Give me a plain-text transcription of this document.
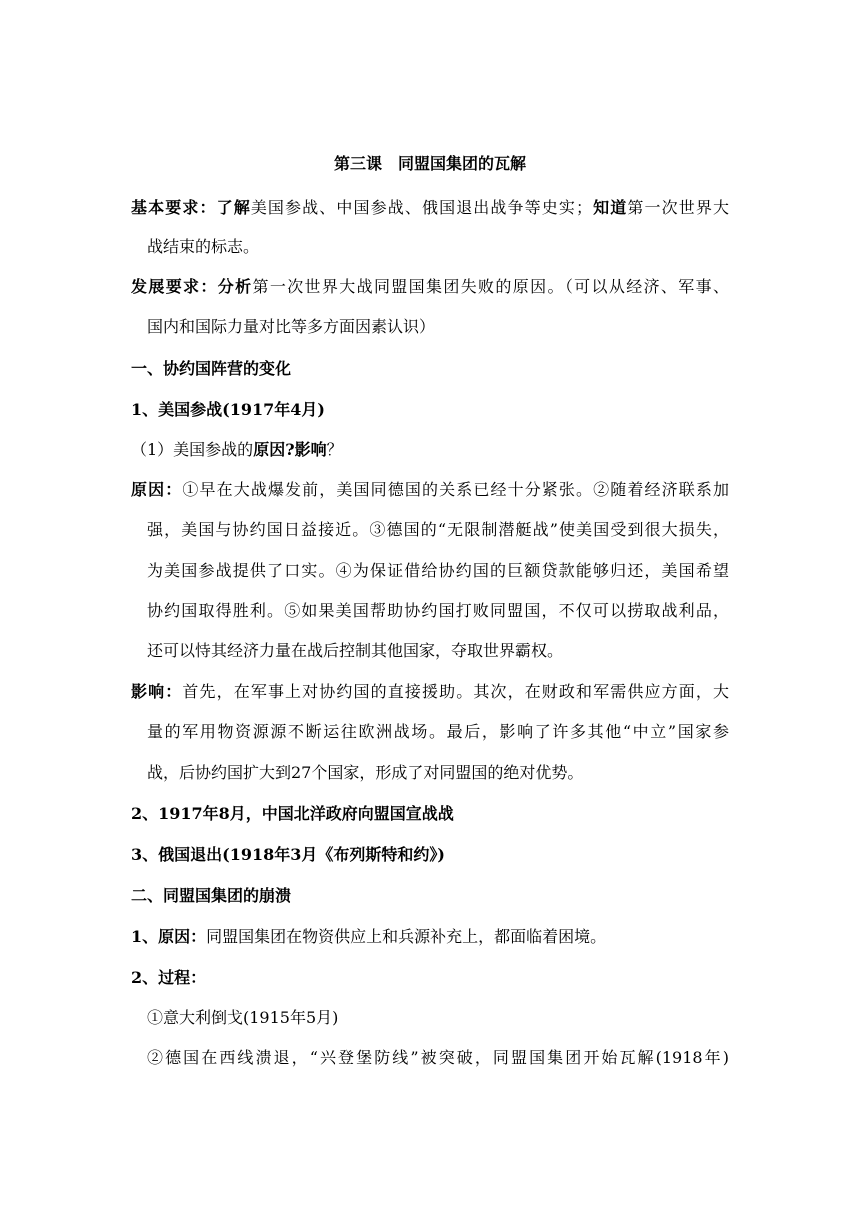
第三课　同盟国集团的瓦解
基本要求：了解美国参战、中国参战、俄国退出战争等史实；知道第一次世界大
战结束的标志。
发展要求：分析第一次世界大战同盟国集团失败的原因。（可以从经济、军事、
国内和国际力量对比等多方面因素认识）
一、协约国阵营的变化
1、美国参战(1917年4月)
（1）美国参战的原因?影响？
原因：①早在大战爆发前，美国同德国的关系已经十分紧张。②随着经济联系加
强，美国与协约国日益接近。③德国的“无限制潜艇战”使美国受到很大损失，
为美国参战提供了口实。④为保证借给协约国的巨额贷款能够归还，美国希望
协约国取得胜利。⑤如果美国帮助协约国打败同盟国，不仅可以捞取战利品，
还可以恃其经济力量在战后控制其他国家，夺取世界霸权。
影响：首先，在军事上对协约国的直接援助。其次，在财政和军需供应方面，大
量的军用物资源源不断运往欧洲战场。最后，影响了许多其他“中立”国家参
战，后协约国扩大到27个国家，形成了对同盟国的绝对优势。
2、1917年8月，中国北洋政府向盟国宣战战
3、俄国退出(1918年3月《布列斯特和约》)
二、同盟国集团的崩溃
1、原因：同盟国集团在物资供应上和兵源补充上，都面临着困境。
2、过程：
①意大利倒戈(1915年5月)
②德国在西线溃退，“兴登堡防线”被突破，同盟国集团开始瓦解(1918年)
